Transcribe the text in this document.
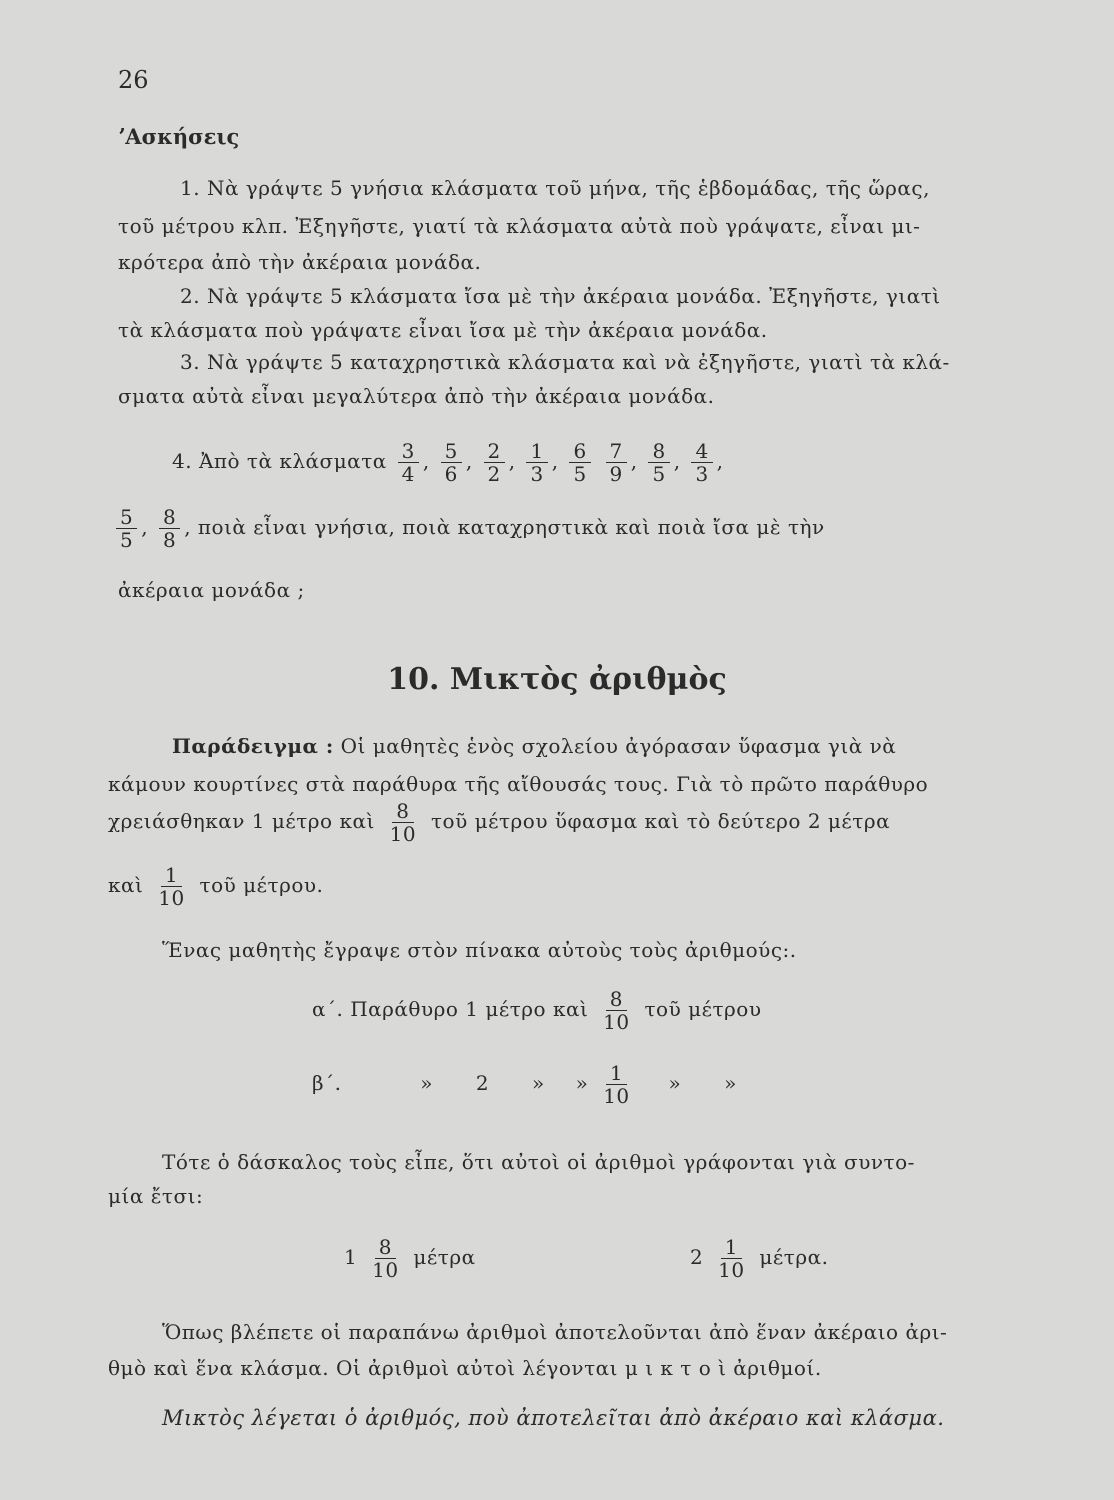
26
ʼΑσκήσεις
1. Νὰ γράψτε 5 γνήσια κλάσματα τοῦ μήνα, τῆς ἑβδομάδας, τῆς ὥρας,
τοῦ μέτρου κλπ. Ἐξηγῆστε, γιατί τὰ κλάσματα αὐτὰ ποὺ γράψατε, εἶναι μι-
κρότερα ἀπὸ τὴν ἀκέραια μονάδα.
2. Νὰ γράψτε 5 κλάσματα ἴσα μὲ τὴν ἀκέραια μονάδα. Ἐξηγῆστε, γιατὶ
τὰ κλάσματα ποὺ γράψατε εἶναι ἴσα μὲ τὴν ἀκέραια μονάδα.
3. Νὰ γράψτε 5 καταχρηστικὰ κλάσματα καὶ νὰ ἐξηγῆστε, γιατὶ τὰ κλά-
σματα αὐτὰ εἶναι μεγαλύτερα ἀπὸ τὴν ἀκέραια μονάδα.
4. Ἀπὸ τὰ κλάσματα $\frac{3}{4}$ , $\frac{5}{6}$ , $\frac{2}{2}$ , $\frac{1}{3}$ , $\frac{6}{5}$
$\frac{7}{9}$ , $\frac{8}{5}$ , $\frac{4}{3}$ ,
$\frac{5}{5}$ , $\frac{8}{8}$ , ποιὰ εἶναι γνήσια, ποιὰ καταχρηστικὰ καὶ ποιὰ ἴσα μὲ τὴν
ἀκέραια μονάδα ;
10. Μικτὸς ἀριθμὸς
Παράδειγμα : Οἱ μαθητὲς ἑνὸς σχολείου ἀγόρασαν ὕφασμα γιὰ νὰ
κάμουν κουρτίνες στὰ παράθυρα τῆς αἴθουσάς τους. Γιὰ τὸ πρῶτο παράθυρο
χρειάσθηκαν 1 μέτρο καὶ $\frac{8}{10}$ τοῦ μέτρου ὕφασμα καὶ τὸ δεύτερο 2 μέτρα
καὶ $\frac{1}{10}$ τοῦ μέτρου.
Ἕνας μαθητὴς ἔγραψε στὸν πίνακα αὐτοὺς τοὺς ἀριθμούς:.
α΄. Παράθυρο 1 μέτρο καὶ $\frac{8}{10}$ τοῦ μέτρου
β΄.	» 2 » » $\frac{1}{10}$ » »
Τότε ὁ δάσκαλος τοὺς εἶπε, ὅτι αὐτοὶ οἱ ἀριθμοὶ γράφονται γιὰ συντο-
μία ἔτσι:
$1 \frac{8}{10}$ μέτρα	$2 \frac{1}{10} \mu έ\tau\rho\alpha$.
Ὅπως βλέπετε οἱ παραπάνω ἀριθμοὶ ἀποτελοῦνται ἀπὸ ἕναν ἀκέραιο ἀρι-
θμὸ καὶ ἕνα κλάσμα. Οἱ ἀριθμοὶ αὐτοὶ λέγονται μ ι κ τ ο ὶ ἀριθμοί.
Μικτὸς λέγεται ὁ ἀριθμός, ποὺ ἀποτελεῖται ἀπὸ ἀκέραιο καὶ κλάσμα.
